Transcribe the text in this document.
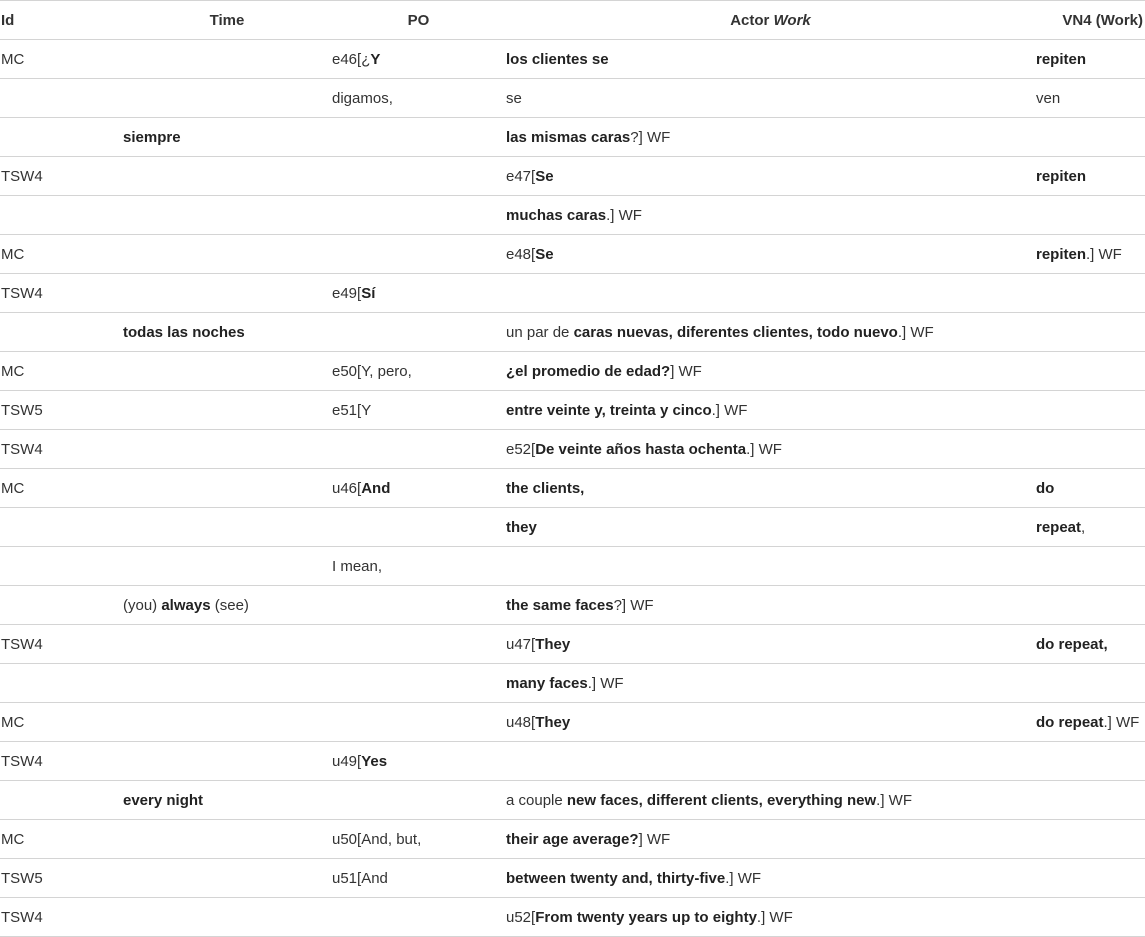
Id	Time	PO	Actor Work	VN4 (Work)
MC		e46[¿Y	los clientes se	repiten
		digamos,	se	ven
	siempre		las mismas caras?] WF	
TSW4			e47[Se	repiten
			muchas caras.] WF	
MC			e48[Se	repiten.] WF
TSW4		e49[Sí		
	todas las noches		un par de caras nuevas, diferentes clientes, todo nuevo.] WF	
MC		e50[Y, pero,	¿el promedio de edad?] WF	
TSW5		e51[Y	entre veinte y, treinta y cinco.] WF	
TSW4			e52[De veinte años hasta ochenta.] WF	
MC		u46[And	the clients,	do
			they	repeat,
		I mean,		
	(you) always (see)		the same faces?] WF	
TSW4			u47[They	do repeat,
			many faces.] WF	
MC			u48[They	do repeat.] WF
TSW4		u49[Yes		
	every night		a couple new faces, different clients, everything new.] WF	
MC		u50[And, but,	their age average?] WF	
TSW5		u51[And	between twenty and, thirty-five.] WF	
TSW4			u52[From twenty years up to eighty.] WF	
